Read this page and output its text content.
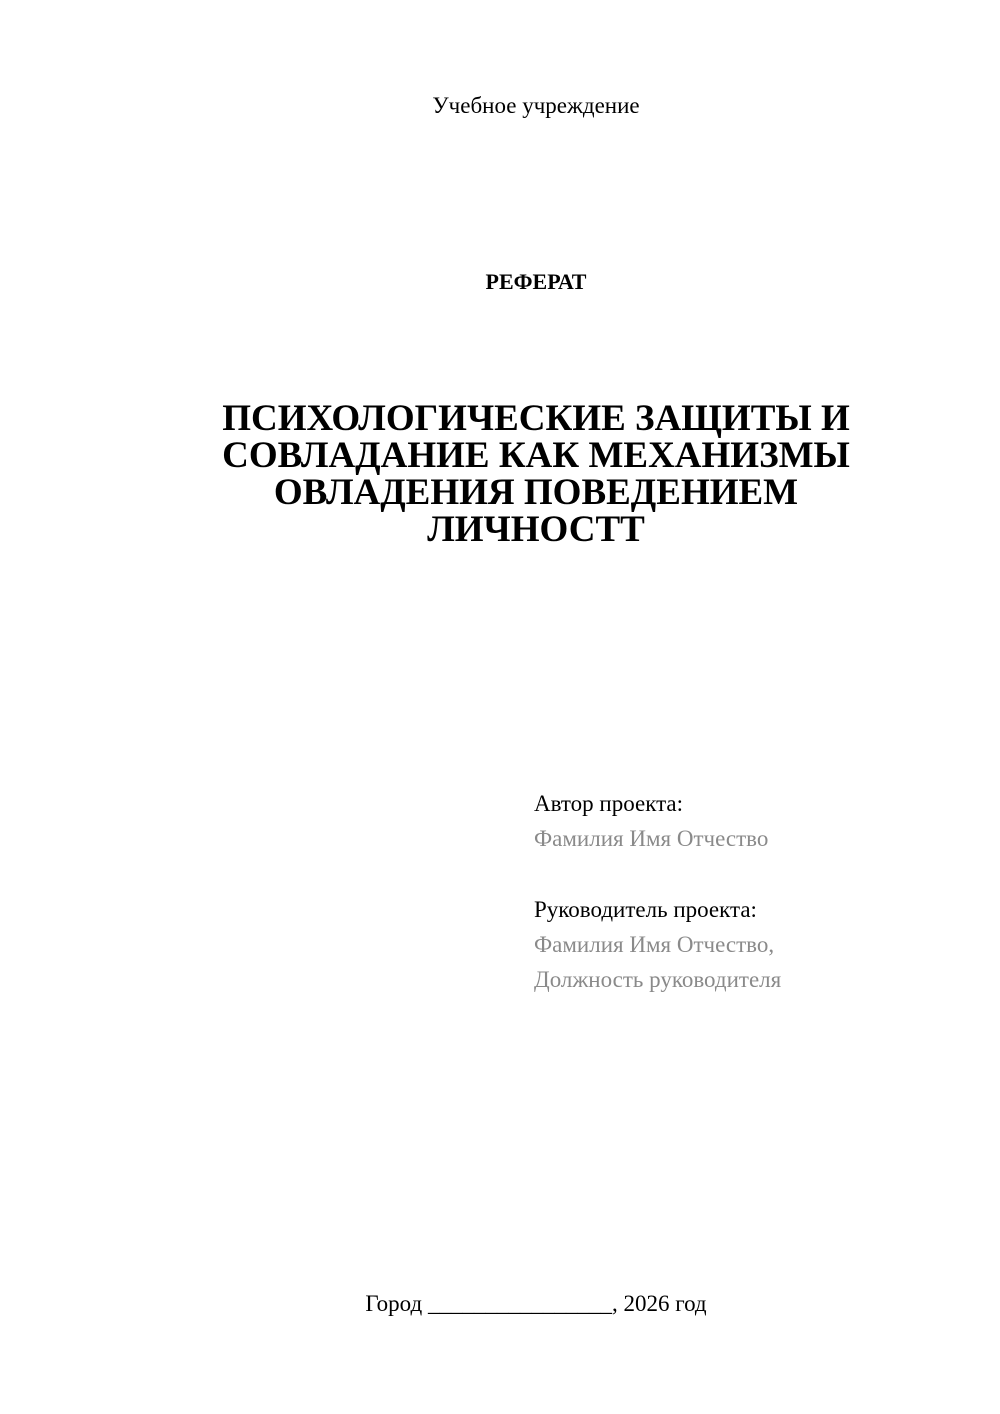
Учебное учреждение
РЕФЕРАТ
ПСИХОЛОГИЧЕСКИЕ ЗАЩИТЫ И
СОВЛАДАНИЕ КАК МЕХАНИЗМЫ
ОВЛАДЕНИЯ ПОВЕДЕНИЕМ
ЛИЧНОСТТ
Автор проекта:
Фамилия Имя Отчество
Руководитель проекта:
Фамилия Имя Отчество,
Должность руководителя
Город ________________, 2026 год
